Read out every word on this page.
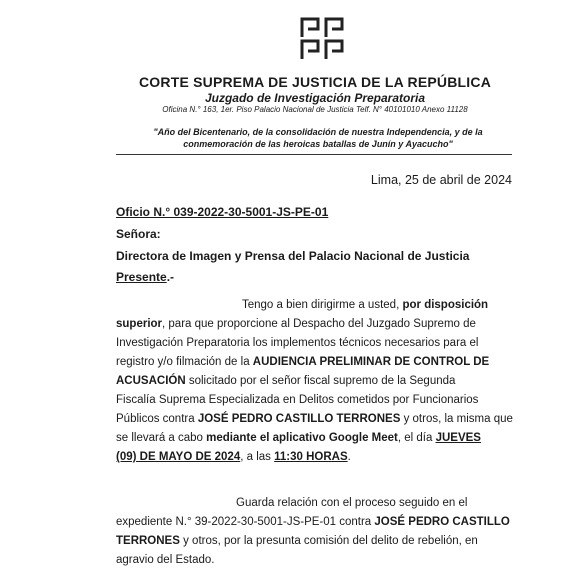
CORTE SUPREMA DE JUSTICIA DE LA REPÚBLICA
Juzgado de Investigación Preparatoria
Oficina N.° 163, 1er. Piso Palacio Nacional de Justicia Telf. N° 40101010 Anexo 11128
"Año del Bicentenario, de la consolidación de nuestra Independencia, y de la
conmemoración de las heroicas batallas de Junín y Ayacucho"
Lima, 25 de abril de 2024
Oficio N.° 039-2022-30-5001-JS-PE-01
Señora:
Directora de Imagen y Prensa del Palacio Nacional de Justicia
Presente.-
Tengo a bien dirigirme a usted, por disposición
superior, para que proporcione al Despacho del Juzgado Supremo de
Investigación Preparatoria los implementos técnicos necesarios para el
registro y/o filmación de la AUDIENCIA PRELIMINAR DE CONTROL DE
ACUSACIÓN solicitado por el señor fiscal supremo de la Segunda
Fiscalía Suprema Especializada en Delitos cometidos por Funcionarios
Públicos contra JOSÉ PEDRO CASTILLO TERRONES y otros, la misma que
se llevará a cabo mediante el aplicativo Google Meet, el día JUEVES
(09) DE MAYO DE 2024, a las 11:30 HORAS.
Guarda relación con el proceso seguido en el
expediente N.° 39-2022-30-5001-JS-PE-01 contra JOSÉ PEDRO CASTILLO
TERRONES y otros, por la presunta comisión del delito de rebelión, en
agravio del Estado.
